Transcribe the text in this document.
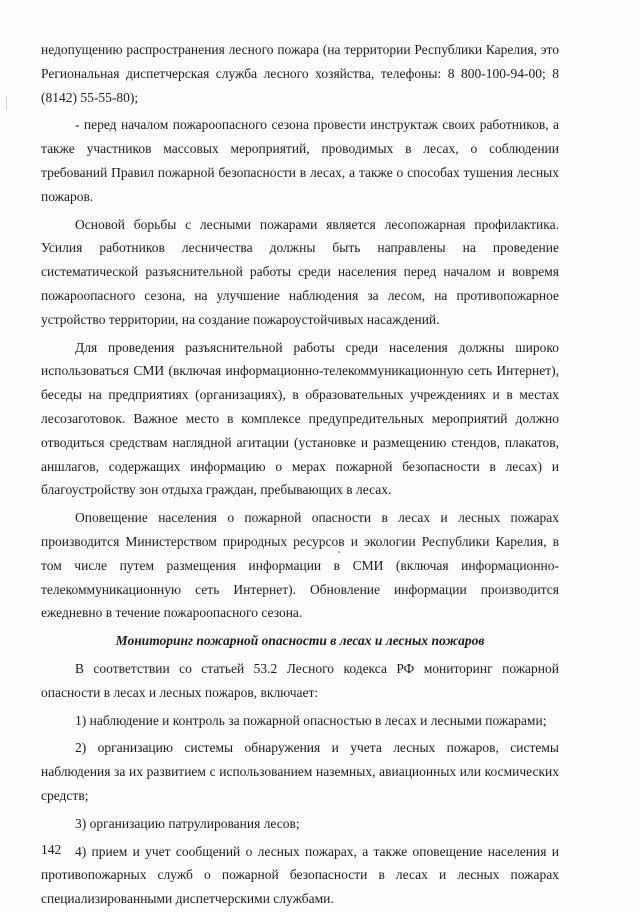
недопущению распространения лесного пожара (на территории Республики Карелия, это Региональная диспетчерская служба лесного хозяйства, телефоны: 8 800-100-94-00; 8 (8142) 55-55-80);

- перед началом пожароопасного сезона провести инструктаж своих работников, а также участников массовых мероприятий, проводимых в лесах, о соблюдении требований Правил пожарной безопасности в лесах, а также о способах тушения лесных пожаров.

Основой борьбы с лесными пожарами является лесопожарная профилактика. Усилия работников лесничества должны быть направлены на проведение систематической разъяснительной работы среди населения перед началом и вовремя пожароопасного сезона, на улучшение наблюдения за лесом, на противопожарное устройство территории, на создание пожароустойчивых насаждений.

Для проведения разъяснительной работы среди населения должны широко использоваться СМИ (включая информационно-телекоммуникационную сеть Интернет), беседы на предприятиях (организациях), в образовательных учреждениях и в местах лесозаготовок. Важное место в комплексе предупредительных мероприятий должно отводиться средствам наглядной агитации (установке и размещению стендов, плакатов, аншлагов, содержащих информацию о мерах пожарной безопасности в лесах) и благоустройству зон отдыха граждан, пребывающих в лесах.

Оповещение населения о пожарной опасности в лесах и лесных пожарах производится Министерством природных ресурсов и экологии Республики Карелия, в том числе путем размещения информации в СМИ (включая информационно-телекоммуникационную сеть Интернет). Обновление информации производится ежедневно в течение пожароопасного сезона.

Мониторинг пожарной опасности в лесах и лесных пожаров

В соответствии со статьей 53.2 Лесного кодекса РФ мониторинг пожарной опасности в лесах и лесных пожаров, включает:

1) наблюдение и контроль за пожарной опасностью в лесах и лесными пожарами;

2) организацию системы обнаружения и учета лесных пожаров, системы наблюдения за их развитием с использованием наземных, авиационных или космических средств;

3) организацию патрулирования лесов;

4) прием и учет сообщений о лесных пожарах, а также оповещение населения и противопожарных служб о пожарной безопасности в лесах и лесных пожарах специализированными диспетчерскими службами.

142
